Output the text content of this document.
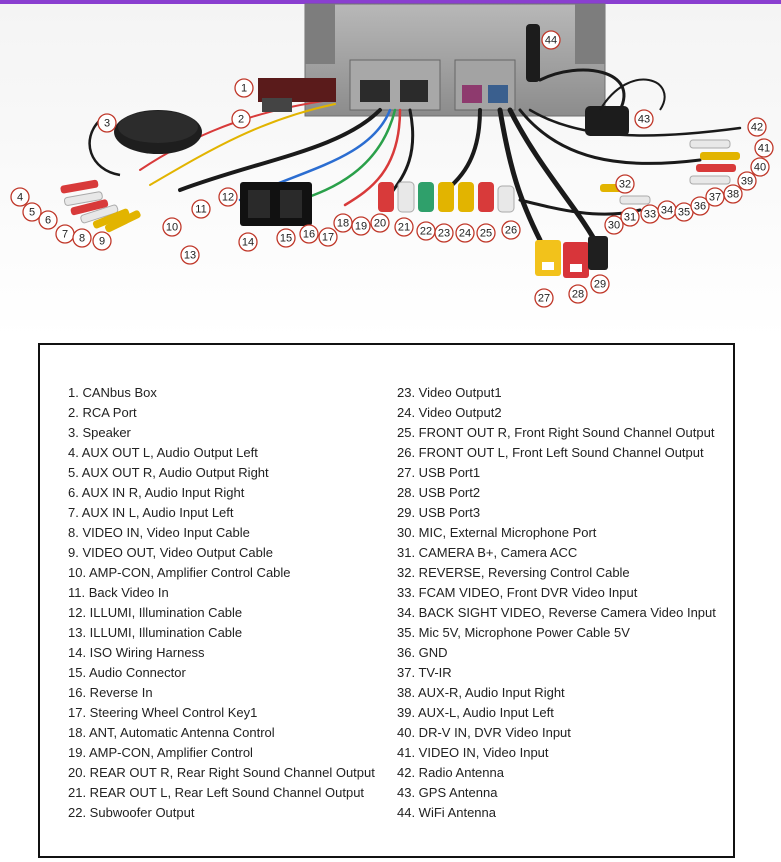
1
2
3
4
5
6
7 8 9
10
11
12
13
14 15 16 17
18 19 20 21 22 23 24 25 26
27 28
29
30
31
32
33 34 35 36
37 38
39
40
41
42
43
44
1. CANbus Box
2. RCA Port
3. Speaker
4. AUX OUT L, Audio Output Left
5. AUX OUT R, Audio Output Right
6. AUX IN R, Audio Input Right
7. AUX IN L, Audio Input Left
8. VIDEO IN, Video Input Cable
9. VIDEO OUT, Video Output Cable
10. AMP-CON, Amplifier Control Cable
11. Back Video In
12. ILLUMI, Illumination Cable
13. ILLUMI, Illumination Cable
14. ISO Wiring Harness
15. Audio Connector
16. Reverse In
17. Steering Wheel Control Key1
18. ANT, Automatic Antenna Control
19. AMP-CON, Amplifier Control
20. REAR OUT R, Rear Right Sound Channel Output
21. REAR OUT L, Rear Left Sound Channel Output
22. Subwoofer Output
23. Video Output1
24. Video Output2
25. FRONT OUT R, Front Right Sound Channel Output
26. FRONT OUT L, Front Left Sound Channel Output
27. USB Port1
28. USB Port2
29. USB Port3
30. MIC, External Microphone Port
31. CAMERA B+, Camera ACC
32. REVERSE, Reversing Control Cable
33. FCAM VIDEO, Front DVR Video Input
34. BACK SIGHT VIDEO, Reverse Camera Video Input
35. Mic 5V, Microphone Power Cable 5V
36. GND
37. TV-IR
38. AUX-R, Audio Input Right
39. AUX-L, Audio Input Left
40. DR-V IN, DVR Video Input
41. VIDEO IN, Video Input
42. Radio Antenna
43. GPS Antenna
44. WiFi Antenna
